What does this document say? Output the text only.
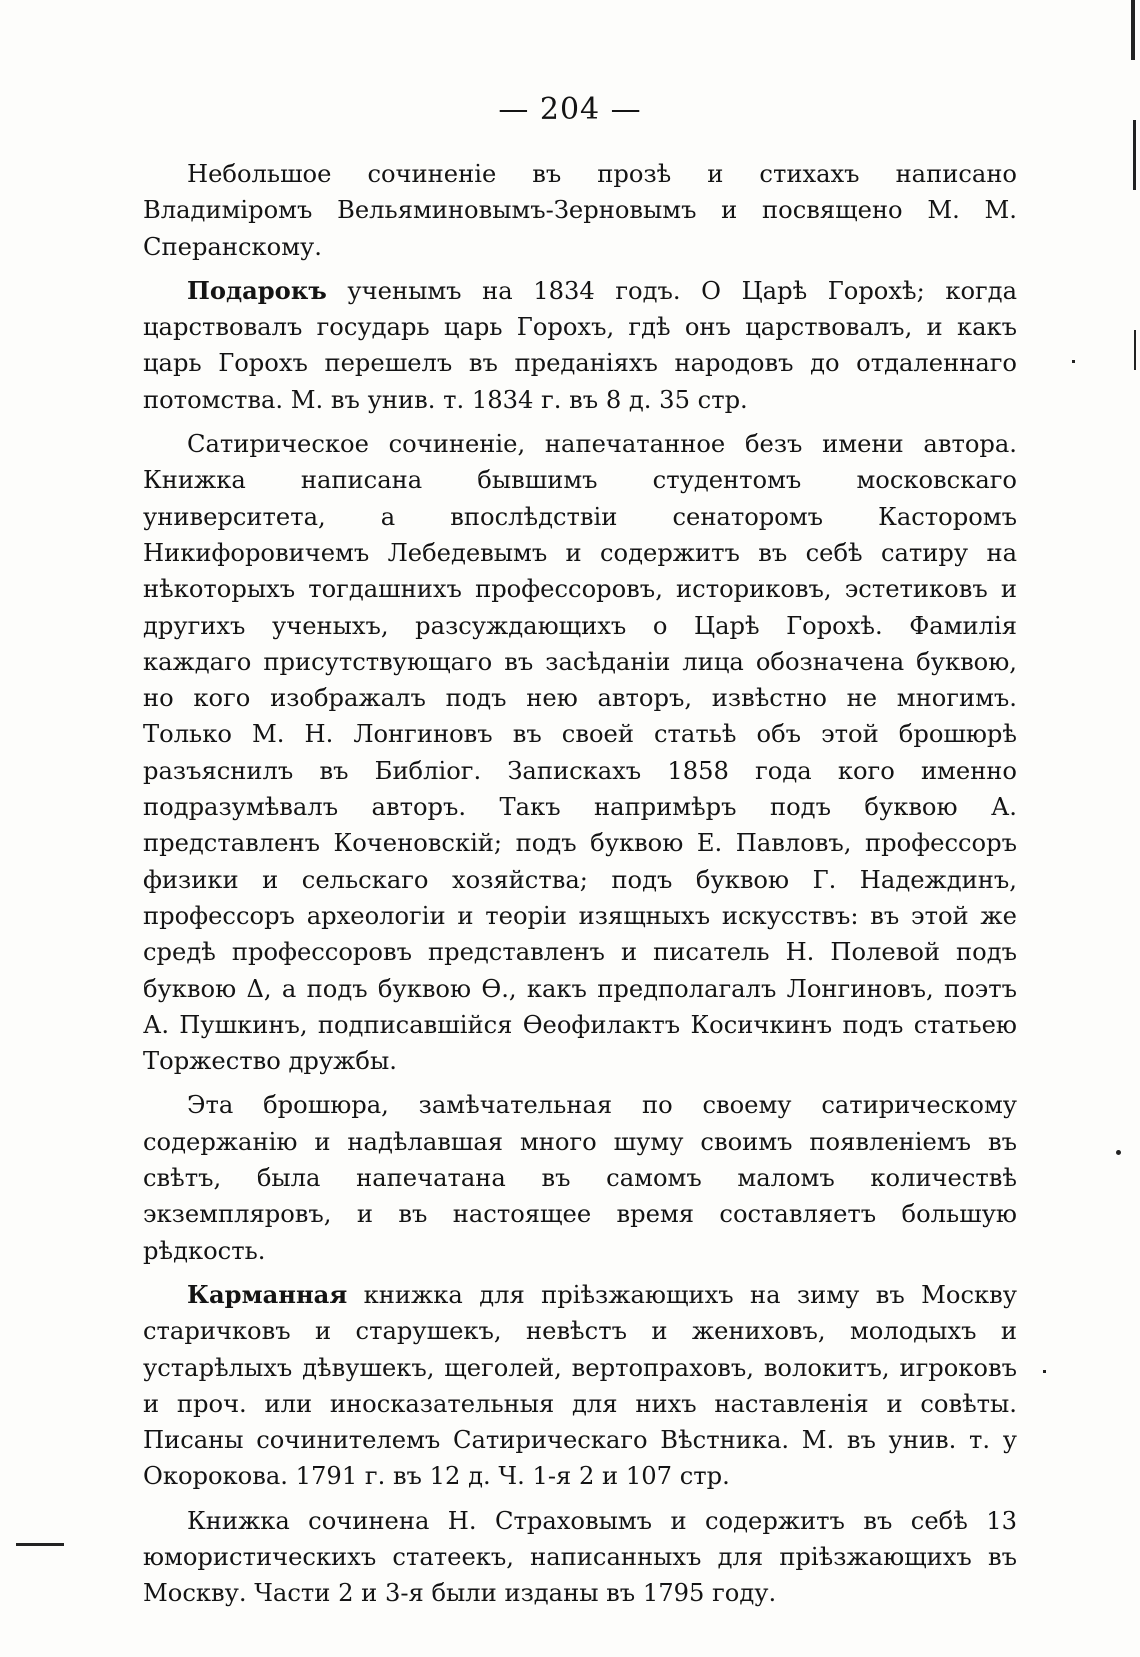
— 204 —

Небольшое сочиненіе въ прозѣ и стихахъ написано Владиміромъ Вельяминовымъ-Зерновымъ и посвящено М. М. Сперанскому.

Подарокъ ученымъ на 1834 годъ. О Царѣ Горохѣ; когда царствовалъ государь царь Горохъ, гдѣ онъ царствовалъ, и какъ царь Горохъ перешелъ въ преданіяхъ народовъ до отдаленнаго потомства. М. въ унив. т. 1834 г. въ 8 д. 35 стр.

Сатирическое сочиненіе, напечатанное безъ имени автора. Книжка написана бывшимъ студентомъ московскаго университета, а впослѣдствіи сенаторомъ Касторомъ Никифоровичемъ Лебедевымъ и содержитъ въ себѣ сатиру на нѣкоторыхъ тогдашнихъ профессоровъ, историковъ, эстетиковъ и другихъ ученыхъ, разсуждающихъ о Царѣ Горохѣ. Фамилія каждаго присутствующаго въ засѣданіи лица обозначена буквою, но кого изображалъ подъ нею авторъ, извѣстно не многимъ. Только М. Н. Лонгиновъ въ своей статьѣ объ этой брошюрѣ разъяснилъ въ Библіог. Запискахъ 1858 года кого именно подразумѣвалъ авторъ. Такъ напримѣръ подъ буквою А. представленъ Коченовскій; подъ буквою Е. Павловъ, профессоръ физики и сельскаго хозяйства; подъ буквою Г. Надеждинъ, профессоръ археологіи и теоріи изящныхъ искусствъ: въ этой же средѣ профессоровъ представленъ и писатель Н. Полевой подъ буквою Δ, а подъ буквою Ѳ., какъ предполагалъ Лонгиновъ, поэтъ А. Пушкинъ, подписавшійся Ѳеофилактъ Косичкинъ подъ статьею Торжество дружбы.

Эта брошюра, замѣчательная по своему сатирическому содержанію и надѣлавшая много шуму своимъ появленіемъ въ свѣтъ, была напечатана въ самомъ маломъ количествѣ экземпляровъ, и въ настоящее время составляетъ большую рѣдкость.

Карманная книжка для пріѣзжающихъ на зиму въ Москву старичковъ и старушекъ, невѣстъ и жениховъ, молодыхъ и устарѣлыхъ дѣвушекъ, щеголей, вертопраховъ, волокитъ, игроковъ и проч. или иносказательныя для нихъ наставленія и совѣты. Писаны сочинителемъ Сатирическаго Вѣстника. М. въ унив. т. у Окорокова. 1791 г. въ 12 д. Ч. 1-я 2 и 107 стр.

Книжка сочинена Н. Страховымъ и содержитъ въ себѣ 13 юмористическихъ статеекъ, написанныхъ для пріѣзжающихъ въ Москву. Части 2 и 3-я были изданы въ 1795 году.
